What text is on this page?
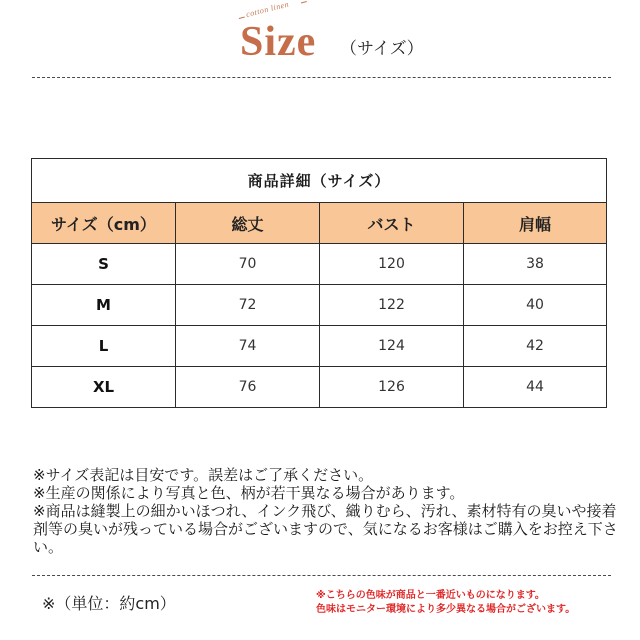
cotton linen
Size （サイズ）
商品詳細（サイズ）			
サイズ（cm）	総丈	バスト	肩幅
S	70	120	38
M	72	122	40
L	74	124	42
XL	76	126	44

※サイズ表記は目安です。誤差はご了承ください。

※生産の関係により写真と色、柄が若干異なる場合があります。

※商品は縫製上の細かいほつれ、インク飛び、織りむら、汚れ、素材特有の臭いや接着剤等の臭いが残っている場合がございますので、気になるお客様はご購入をお控え下さい。

※（単位：約cm）	※こちらの色味が商品と一番近いものになります。

色味はモニター環境により多少異なる場合がございます。
